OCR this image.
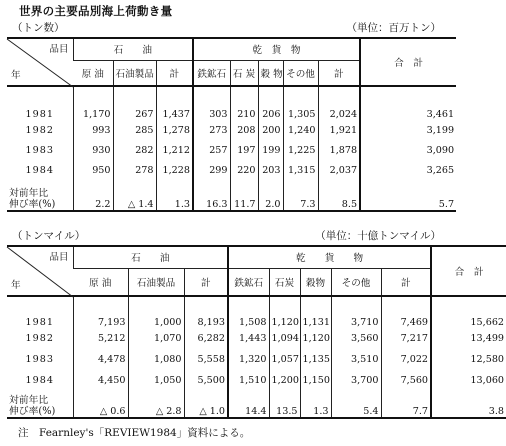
世界の主要品別海上荷動き量
（トン数）	（単位：百万トン）
品目
年	石　　油			乾　貨　物					合　計
	原 油	石油製品	計	鉄鉱石	石 炭	穀 物	その他	計	
1981	1,170	267	1,437	303	210	206	1,305	2,024	3,461
1982	993	285	1,278	273	208	200	1,240	1,921	3,199
1983	930	282	1,212	257	197	199	1,225	1,878	3,090
1984	950	278	1,228	299	220	203	1,315	2,037	3,265

対前年比
伸び率(%)	2.2	△ 1.4	1.3	16.3	11.7	2.0	7.3	8.5	5.7
（トンマイル）	（単位：十億トンマイル）
品目
年	石　　油			乾　　貨　　物					合　計
	原 油	石油製品	計	鉄鉱石	石炭	穀物	その他	計	
1981	7,193	1,000	8,193	1,508	1,120	1,131	3,710	7,469	15,662
1982	5,212	1,070	6,282	1,443	1,094	1,120	3,560	7,217	13,499
1983	4,478	1,080	5,558	1,320	1,057	1,135	3,510	7,022	12,580
1984	4,450	1,050	5,500	1,510	1,200	1,150	3,700	7,560	13,060

対前年比
伸び率(%)	△ 0.6	△ 2.8	△ 1.0	14.4	13.5	1.3	5.4	7.7	3.8
注　Fearnley's「REVIEW1984」資料による。
